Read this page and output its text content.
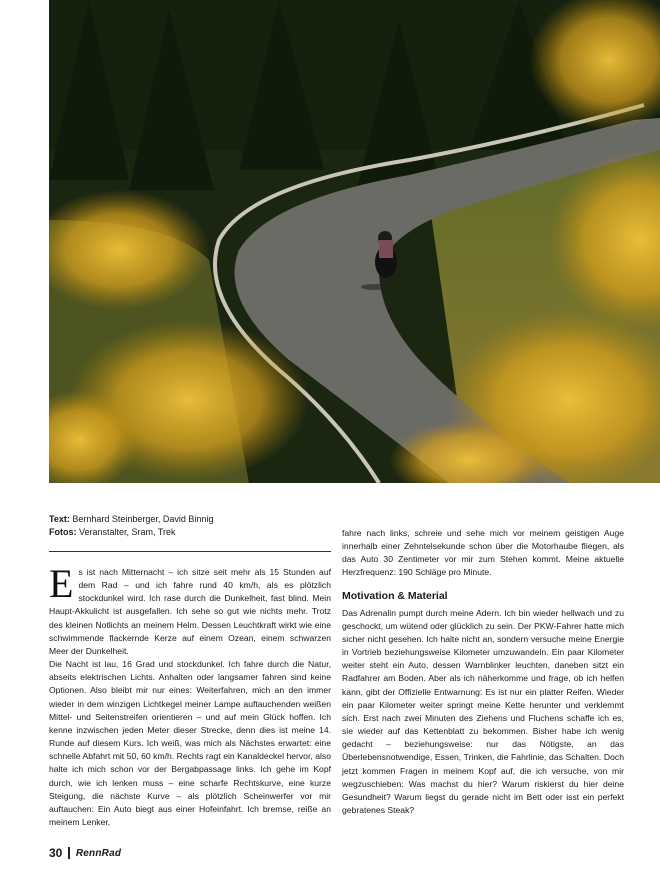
Text: Bernhard Steinberger, David Binnig
Fotos: Veranstalter, Sram, Trek

E s ist nach Mitternacht – ich sitze seit mehr als 15 Stunden auf dem Rad – und ich fahre rund 40 km/h, als es plötzlich stockdunkel wird. Ich rase durch die Dunkelheit, fast blind. Mein Haupt-Akkulicht ist ausgefallen. Ich sehe so gut wie nichts mehr. Trotz des kleinen Notlichts an meinem Helm. Dessen Leuchtkraft wirkt wie eine schwimmende flackernde Kerze auf einem Ozean, einem schwarzen Meer der Dunkelheit.

Die Nacht ist lau, 16 Grad und stockdunkel. Ich fahre durch die Natur, abseits elektrischen Lichts. Anhalten oder langsamer fahren sind keine Optionen. Also bleibt mir nur eines: Weiterfahren, mich an den immer wieder in dem winzigen Lichtkegel meiner Lampe auftauchenden weißen Mittel- und Seitenstreifen orientieren – und auf mein Glück hoffen. Ich kenne inzwischen jeden Meter dieser Strecke, denn dies ist meine 14. Runde auf diesem Kurs. Ich weiß, was mich als Nächstes erwartet: eine schnelle Abfahrt mit 50, 60 km/h. Rechts ragt ein Kanaldeckel hervor, also halte ich mich schon vor der Bergabpassage links. Ich gehe im Kopf durch, wie ich lenken muss – eine scharfe Rechtskurve, eine kurze Steigung, die nächste Kurve – als plötzlich Scheinwerfer vor mir auftauchen: Ein Auto biegt aus einer Hofeinfahrt. Ich bremse, reiße an meinem Lenker,

fahre nach links, schreie und sehe mich vor meinem geistigen Auge innerhalb einer Zehntelsekunde schon über die Motorhaube fliegen, als das Auto 30 Zentimeter vor mir zum Stehen kommt. Meine aktuelle Herzfrequenz: 190 Schläge pro Minute.

Motivation & Material

Das Adrenalin pumpt durch meine Adern. Ich bin wieder hellwach und zu geschockt, um wütend oder glücklich zu sein. Der PKW-Fahrer hatte mich sicher nicht gesehen. Ich halte nicht an, sondern versuche meine Energie in Vortrieb beziehungsweise Kilometer umzuwandeln. Ein paar Kilometer weiter steht ein Auto, dessen Warnblinker leuchten, daneben sitzt ein Radfahrer am Boden. Aber als ich näherkomme und frage, ob ich helfen kann, gibt der Offizielle Entwarnung: Es ist nur ein platter Reifen. Wieder ein paar Kilometer weiter springt meine Kette herunter und verklemmt sich. Erst nach zwei Minuten des Ziehens und Fluchens schaffe ich es, sie wieder auf das Kettenblatt zu bekommen. Bisher habe ich wenig gedacht – beziehungsweise: nur das Nötigste, an das Überlebensnotwendige, Essen, Trinken, die Fahrlinie, das Schalten. Doch jetzt kommen Fragen in meinem Kopf auf, die ich versuche, von mir wegzuschieben: Was machst du hier? Warum riskierst du hier deine Gesundheit? Warum liegst du gerade nicht im Bett oder isst ein perfekt gebratenes Steak?

30 RennRad
